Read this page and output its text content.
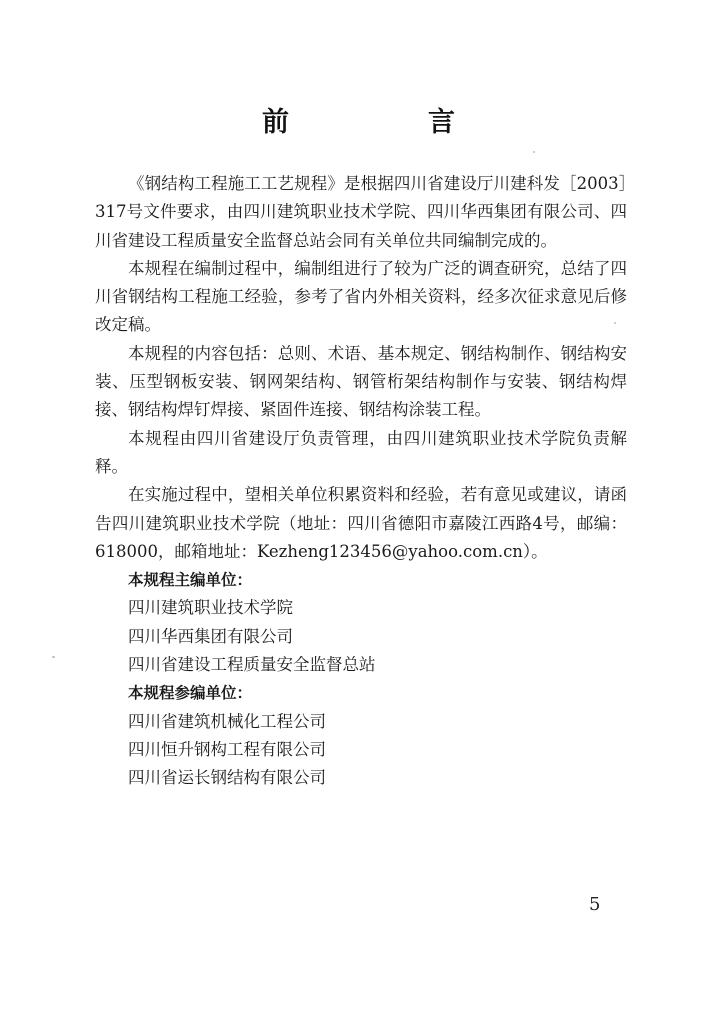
前　言

《钢结构工程施工工艺规程》是根据四川省建设厅川建科发［2003］317号文件要求，由四川建筑职业技术学院、四川华西集团有限公司、四川省建设工程质量安全监督总站会同有关单位共同编制完成的。

本规程在编制过程中，编制组进行了较为广泛的调查研究，总结了四川省钢结构工程施工经验，参考了省内外相关资料，经多次征求意见后修改定稿。

本规程的内容包括：总则、术语、基本规定、钢结构制作、钢结构安装、压型钢板安装、钢网架结构、钢管桁架结构制作与安装、钢结构焊接、钢结构焊钉焊接、紧固件连接、钢结构涂装工程。

本规程由四川省建设厅负责管理，由四川建筑职业技术学院负责解释。

在实施过程中，望相关单位积累资料和经验，若有意见或建议，请函告四川建筑职业技术学院（地址：四川省德阳市嘉陵江西路4号，邮编：618000，邮箱地址：Kezheng123456@yahoo.com.cn）。

本规程主编单位：

四川建筑职业技术学院

四川华西集团有限公司

四川省建设工程质量安全监督总站

本规程参编单位：

四川省建筑机械化工程公司

四川恒升钢构工程有限公司

四川省运长钢结构有限公司

5
